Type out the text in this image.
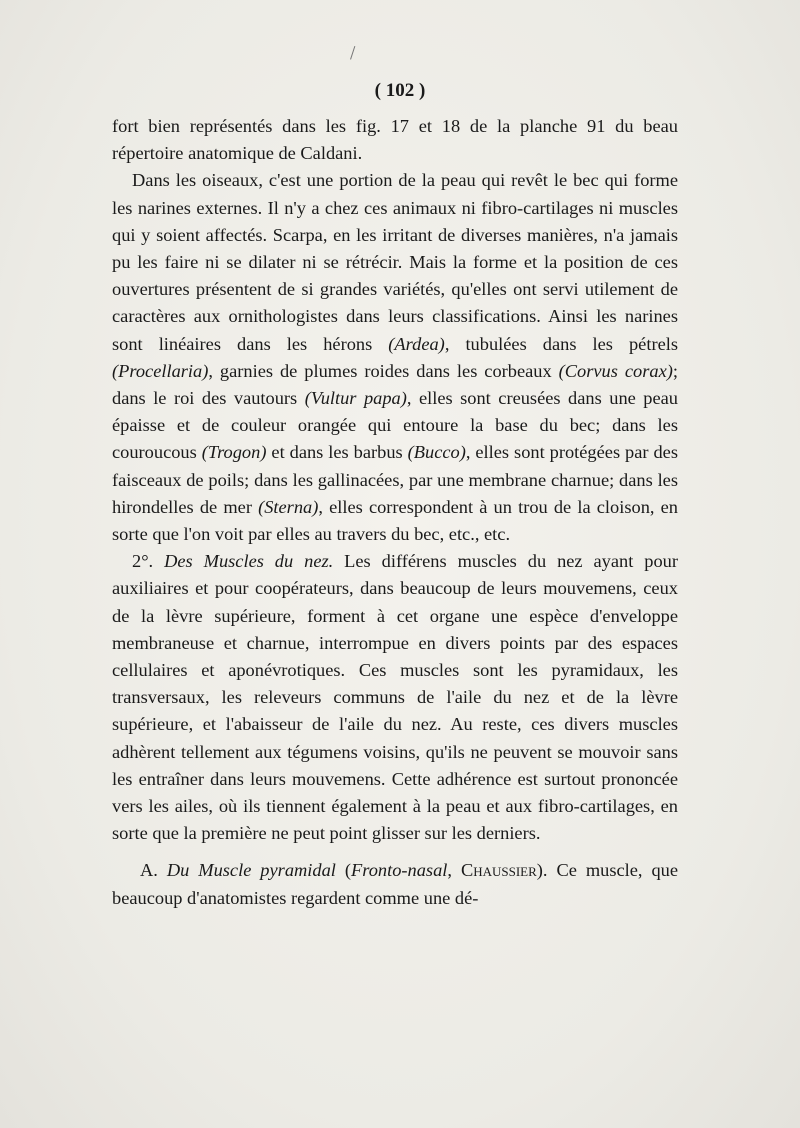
( 102 )

fort bien représentés dans les fig. 17 et 18 de la planche 91 du beau répertoire anatomique de Caldani.

Dans les oiseaux, c'est une portion de la peau qui revêt le bec qui forme les narines externes. Il n'y a chez ces animaux ni fibro-cartilages ni muscles qui y soient affectés. Scarpa, en les irritant de diverses manières, n'a jamais pu les faire ni se dilater ni se rétrécir. Mais la forme et la position de ces ouvertures présentent de si grandes variétés, qu'elles ont servi utilement de caractères aux ornithologistes dans leurs classifications. Ainsi les narines sont linéaires dans les hérons (Ardea), tubulées dans les pétrels (Procellaria), garnies de plumes roides dans les corbeaux (Corvus corax); dans le roi des vautours (Vultur papa), elles sont creusées dans une peau épaisse et de couleur orangée qui entoure la base du bec; dans les couroucous (Trogon) et dans les barbus (Bucco), elles sont protégées par des faisceaux de poils; dans les gallinacées, par une membrane charnue; dans les hirondelles de mer (Sterna), elles correspondent à un trou de la cloison, en sorte que l'on voit par elles au travers du bec, etc., etc.

2°. Des Muscles du nez. Les différens muscles du nez ayant pour auxiliaires et pour coopérateurs, dans beaucoup de leurs mouvemens, ceux de la lèvre supérieure, forment à cet organe une espèce d'enveloppe membraneuse et charnue, interrompue en divers points par des espaces cellulaires et aponévrotiques. Ces muscles sont les pyramidaux, les transversaux, les releveurs communs de l'aile du nez et de la lèvre supérieure, et l'abaisseur de l'aile du nez. Au reste, ces divers muscles adhèrent tellement aux tégumens voisins, qu'ils ne peuvent se mouvoir sans les entraîner dans leurs mouvemens. Cette adhérence est surtout prononcée vers les ailes, où ils tiennent également à la peau et aux fibro-cartilages, en sorte que la première ne peut point glisser sur les derniers.

A. Du Muscle pyramidal (Fronto-nasal, Chaussier). Ce muscle, que beaucoup d'anatomistes regardent comme une dé-
